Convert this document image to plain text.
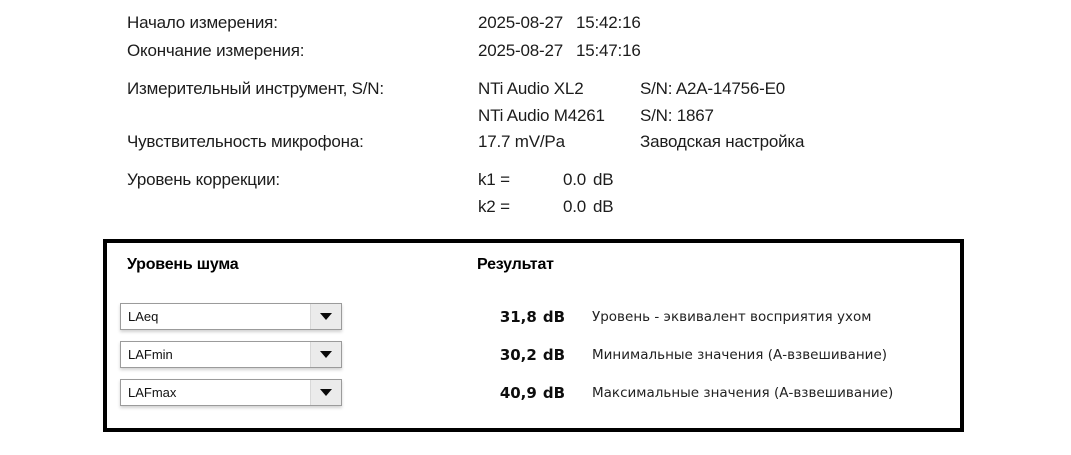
Начало измерения:	2025-08-27 15:42:16
Окончание измерения:	2025-08-27 15:47:16
Измерительный инструмент, S/N:	NTi Audio XL2	S/N: A2A-14756-E0
NTi Audio M4261 S/N: 1867
Чувствительность микрофона:	17.7 mV/Pa	Заводская настройка
Уровень коррекции:	k1 =	0.0 dB
k2 =	0.0 dB
Уровень шума	Результат
LAeq	31,8 dB Уровень - эквивалент восприятия ухом
LAFmin	30,2 dB Минимальные значения (А-взвешивание)
LAFmax	40,9 dB Максимальные значения (А-взвешивание)
